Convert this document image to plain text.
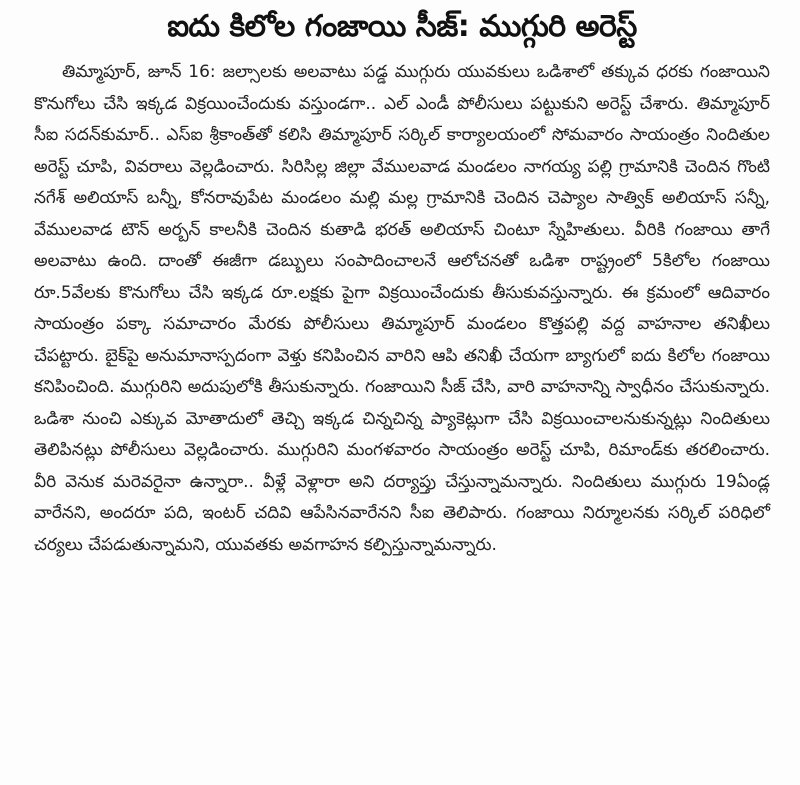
ఐదు కిలోల గంజాయి సీజ్: ముగ్గురి అరెస్ట్

తిమ్మాపూర్, జూన్ 16: జల్సాలకు అలవాటు పడ్డ ముగ్గురు యువకులు ఒడిశాలో తక్కువ ధరకు గంజాయిని కొనుగోలు చేసి ఇక్కడ విక్రయించేందుకు వస్తుండగా.. ఎల్ ఎండీ పోలీసులు పట్టుకుని అరెస్ట్ చేశారు. తిమ్మాపూర్ సీఐ సదన్‌కుమార్.. ఎస్ఐ శ్రీకాంత్‌తో కలిసి తిమ్మాపూర్ సర్కిల్ కార్యాలయంలో సోమవారం సాయంత్రం నిందితుల అరెస్ట్ చూపి, వివరాలు వెల్లడించారు. సిరిసిల్ల జిల్లా వేములవాడ మండలం నాగయ్య పల్లి గ్రామానికి చెందిన గొంటి నగేశ్ అలియాస్ బన్నీ, కోనరావుపేట మండలం మల్లి మల్ల గ్రామానికి చెందిన చెప్యాల సాత్విక్ అలియాస్ సన్నీ, వేములవాడ టౌన్ అర్బన్ కాలనీకి చెందిన కుతాడి భరత్ అలియాస్ చింటూ స్నేహితులు. వీరికి గంజాయి తాగే అలవాటు ఉంది. దాంతో ఈజీగా డబ్బులు సంపాదించాలనే ఆలోచనతో ఒడిశా రాష్ట్రంలో 5కిలోల గంజాయి రూ.5వేలకు కొనుగోలు చేసి ఇక్కడ రూ.లక్షకు పైగా విక్రయించేందుకు తీసుకువస్తున్నారు. ఈ క్రమంలో ఆదివారం సాయంత్రం పక్కా సమాచారం మేరకు పోలీసులు తిమ్మాపూర్ మండలం కొత్తపల్లి వద్ద వాహనాల తనిఖీలు చేపట్టారు. బైక్‌పై అనుమానాస్పదంగా వెళ్తు కనిపించిన వారిని ఆపి తనిఖీ చేయగా బ్యాగులో ఐదు కిలోల గంజాయి కనిపించింది. ముగ్గురిని అదుపులోకి తీసుకున్నారు. గంజాయిని సీజ్ చేసి, వారి వాహనాన్ని స్వాధీనం చేసుకున్నారు. ఒడిశా నుంచి ఎక్కువ మోతాదులో తెచ్చి ఇక్కడ చిన్నచిన్న ప్యాకెట్లుగా చేసి విక్రయించాలనుకున్నట్లు నిందితులు తెలిపినట్లు పోలీసులు వెల్లడించారు. ముగ్గురిని మంగళవారం సాయంత్రం అరెస్ట్ చూపి, రిమాండ్‌కు తరలించారు. వీరి వెనుక మరెవరైనా ఉన్నారా.. వీళ్లే వెళ్లారా అని దర్యాప్తు చేస్తున్నామన్నారు. నిందితులు ముగ్గురు 19ఏండ్ల వారేనని, అందరూ పది, ఇంటర్ చదివి ఆపేసినవారేనని సీఐ తెలిపారు. గంజాయి నిర్మూలనకు సర్కిల్ పరిధిలో చర్యలు చేపడుతున్నామని, యువతకు అవగాహన కల్పిస్తున్నామన్నారు.
